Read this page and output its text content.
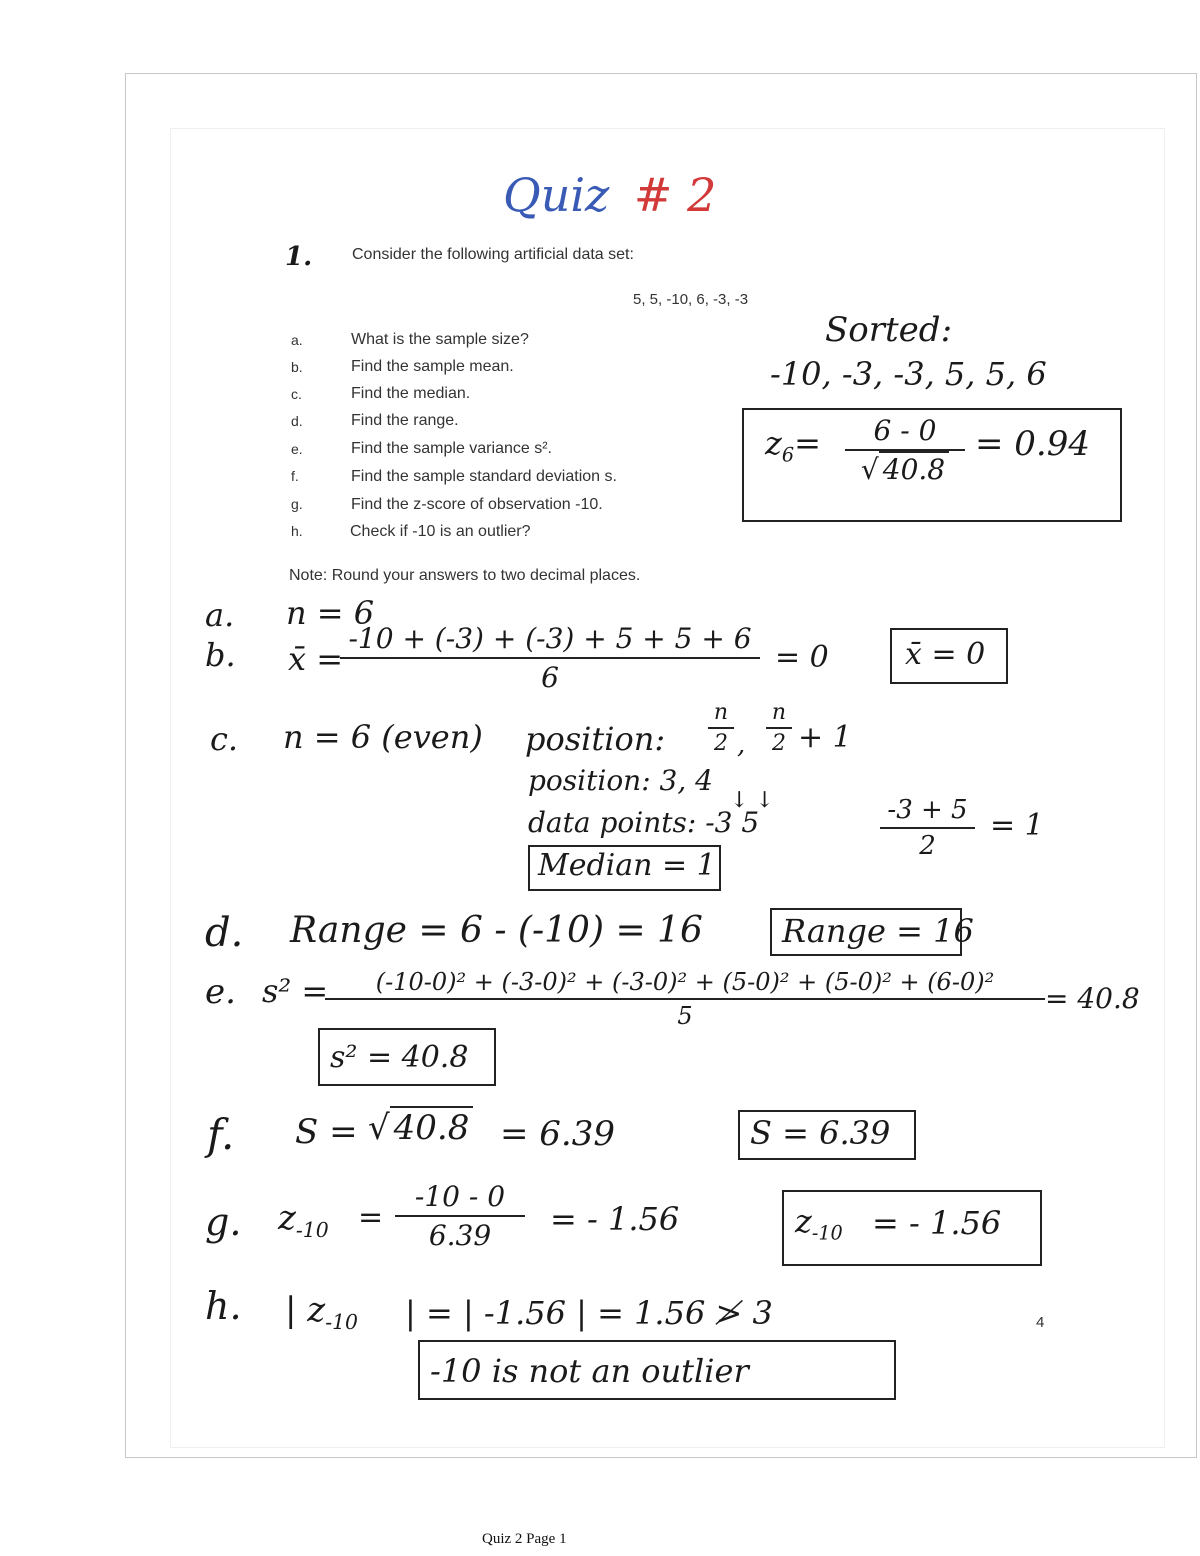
Quiz # 2
1. Consider the following artificial data set:
5, 5, -10, 6, -3, -3
a.	What is the sample size?
b.	Find the sample mean.
c.	Find the median.
d.	Find the range.
e.	Find the sample variance s².
f.	Find the sample standard deviation s.
g.	Find the z-score of observation -10.
h.	Check if -10 is an outlier?
Note: Round your answers to two decimal places.
Sorted:
-10, -3, -3, 5, 5, 6
$z_6= 6 - 0$
√ 40.8
= 0.94
a. n = 6
b. x̄ =
-10 + (-3) + (-3) + 5 + 5 + 6
6
= 0	x̄ = 0
c. n = 6 (even) position:
n
2 ,
n
2 + 1
position: 3, 4
↓ ↓
data points: -3 5
Median = 1
-3 + 5
2
= 1
d. Range = 6 - (-10) = 16 Range = 16
e. s² = (-10-0)² + (-3-0)² + (-3-0)² + (5-0)² + (5-0)² + (6-0)²
5
= 40.8
s² = 40.8
f. S = √ 40.8 = 6.39	S = 6.39
g. $z_{-10}$ =
-10 - 0
6.39 = - 1.56	$z_{-10}$ = - 1.56
h. | $z_{-10}$ | = | -1.56 | = 1.56 ≯ 3
-10 is not an outlier
4
Quiz 2 Page 1
